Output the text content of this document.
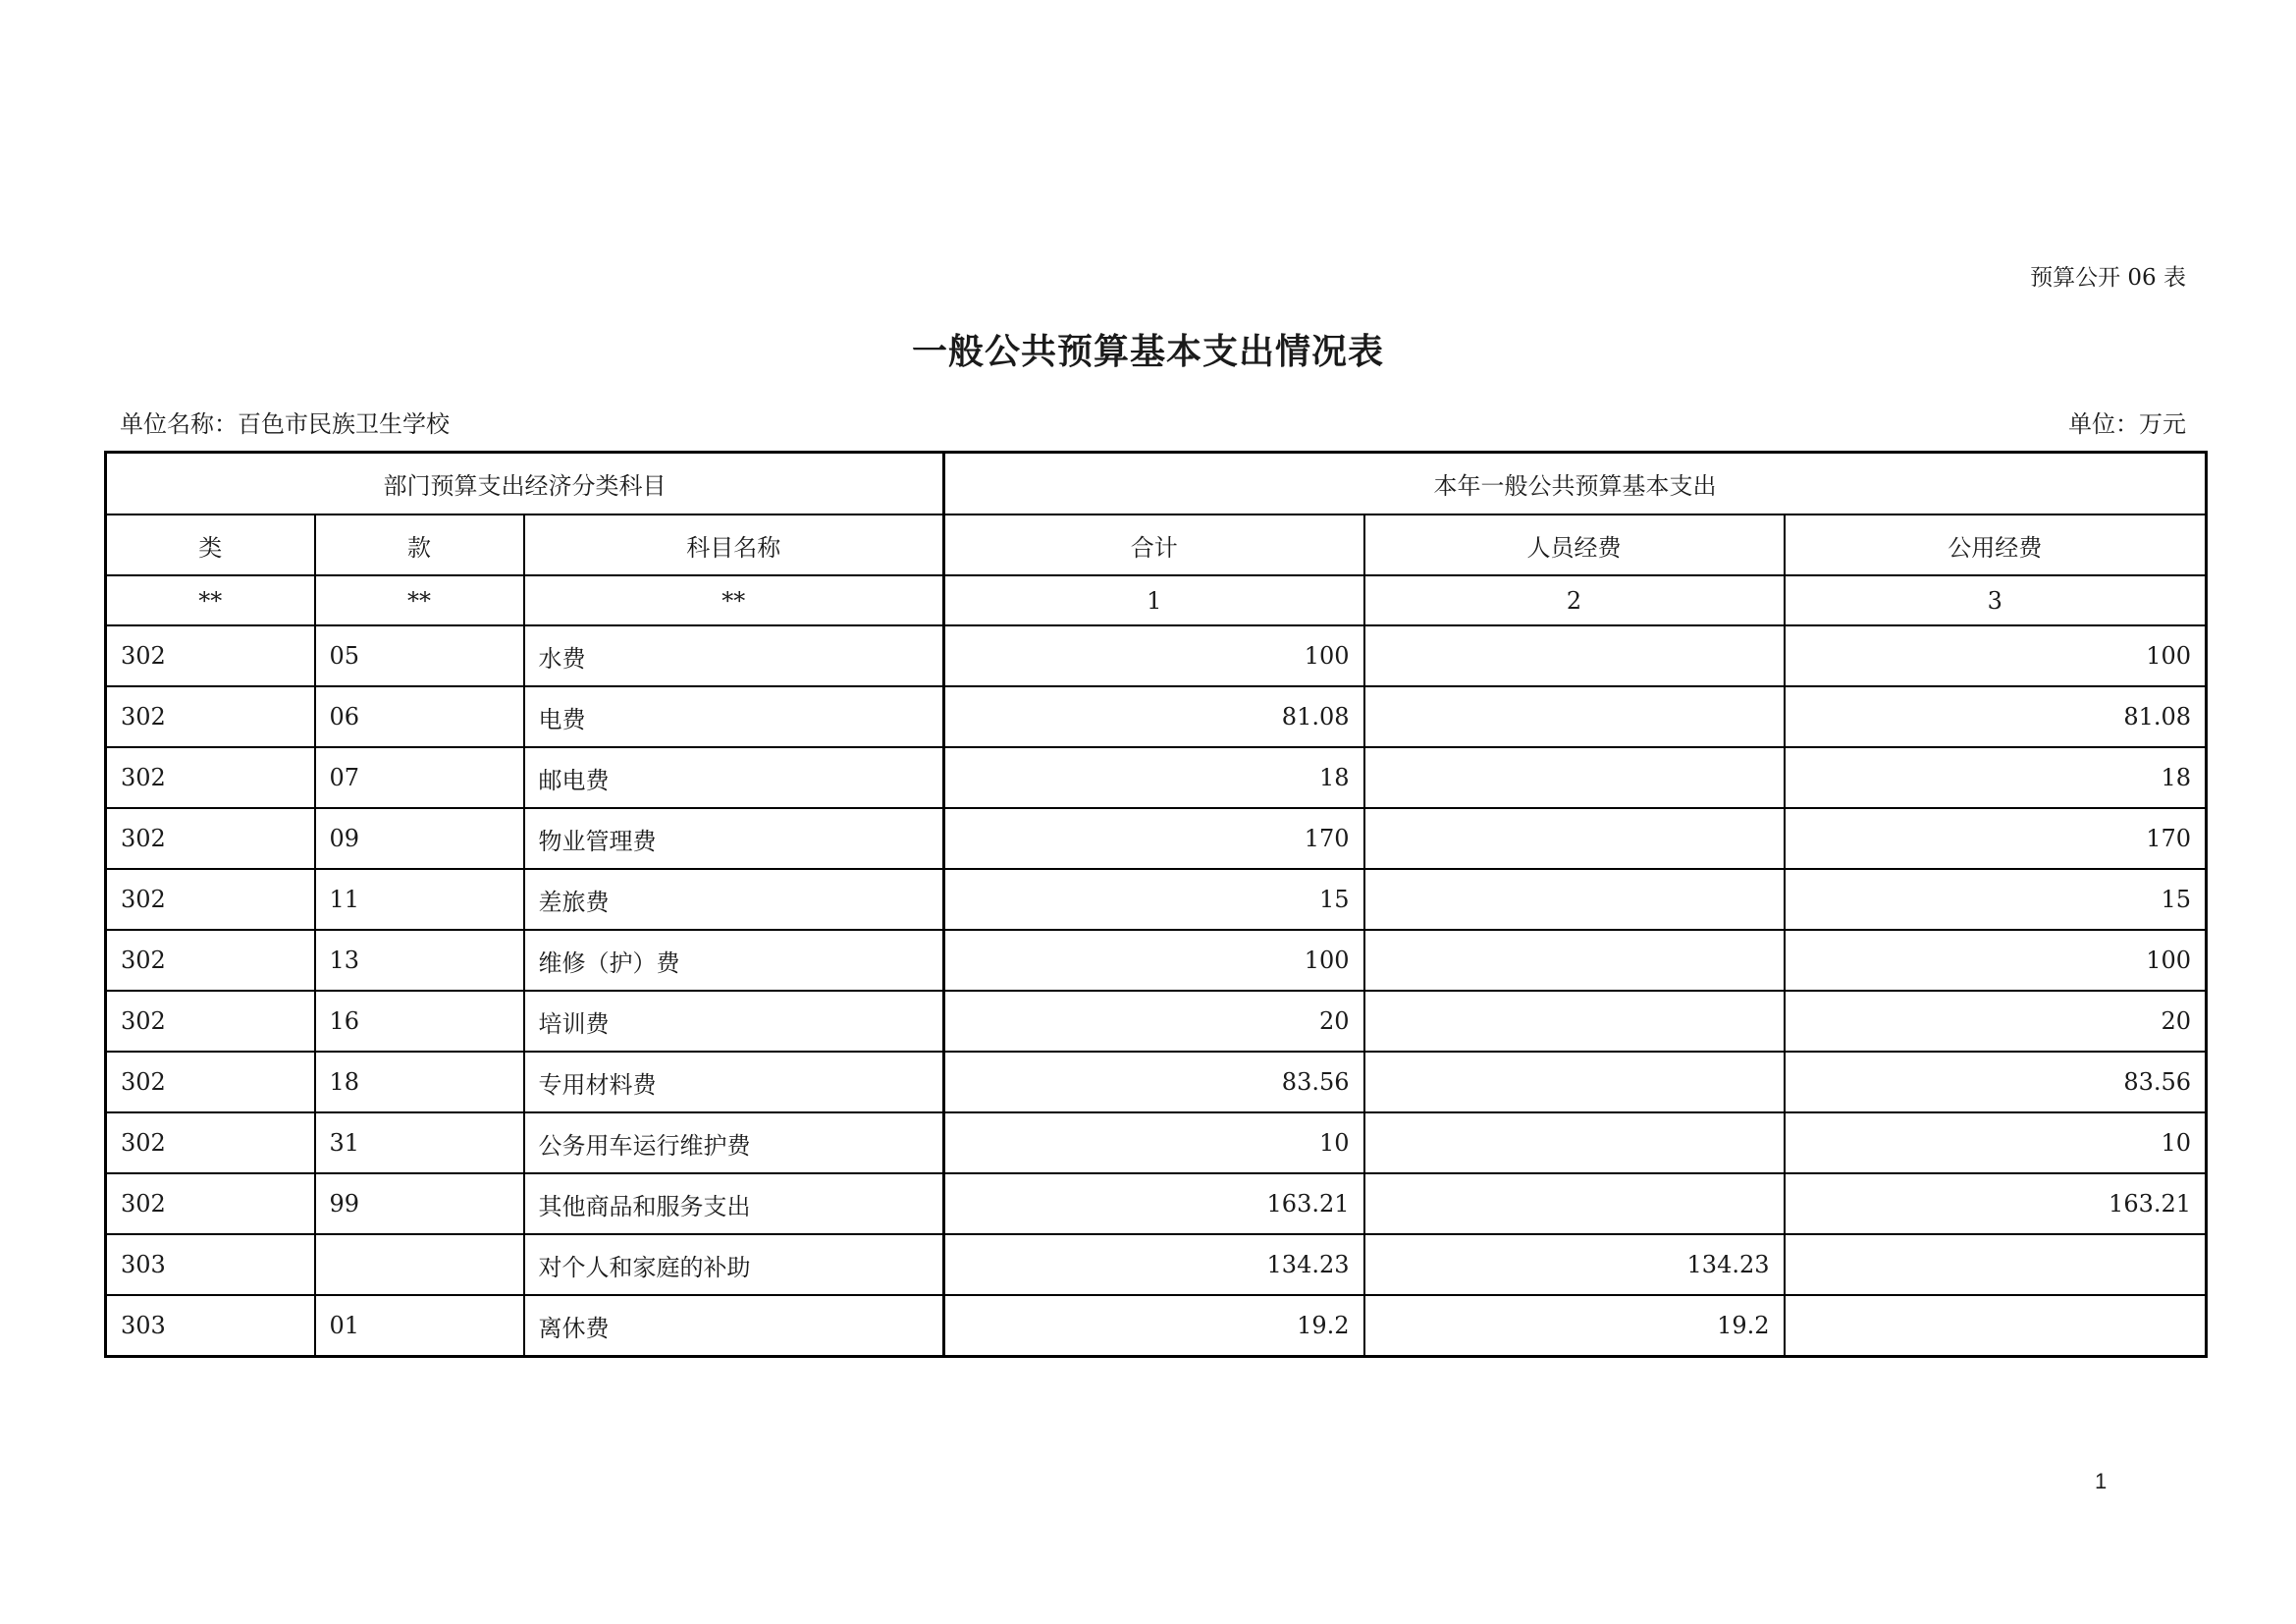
预算公开 06 表
一般公共预算基本支出情况表
单位名称：百色市民族卫生学校	单位：万元
部门预算支出经济分类科目			本年一般公共预算基本支出		
类	款	科目名称	合计	人员经费	公用经费
**	**	**	1	2	3
302	05	水费	100		100
302	06	电费	81.08		81.08
302	07	邮电费	18		18
302	09	物业管理费	170		170
302	11	差旅费	15		15
302	13	维修（护）费	100		100
302	16	培训费	20		20
302	18	专用材料费	83.56		83.56
302	31	公务用车运行维护费	10		10
302	99	其他商品和服务支出	163.21		163.21
303		对个人和家庭的补助	134.23	134.23	
303	01	离休费	19.2	19.2	
1
